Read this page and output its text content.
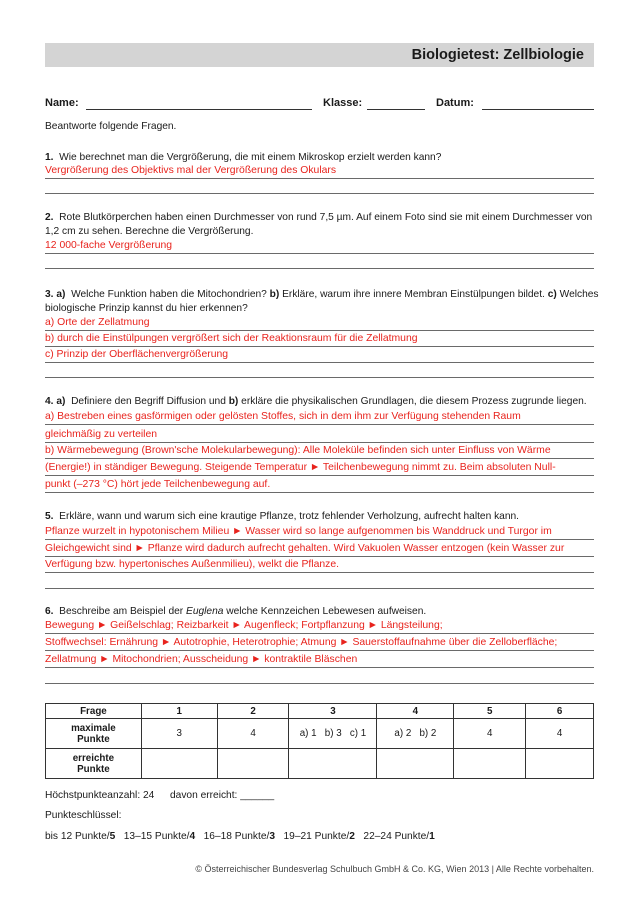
Biologietest: Zellbiologie
Name:	Klasse:	Datum:
Beantworte folgende Fragen.
1. Wie berechnet man die Vergrößerung, die mit einem Mikroskop erzielt werden kann?
Vergrößerung des Objektivs mal der Vergrößerung des Okulars
2. Rote Blutkörperchen haben einen Durchmesser von rund 7,5 µm. Auf einem Foto sind sie mit einem Durchmesser von
1,2 cm zu sehen. Berechne die Vergrößerung.
12 000-fache Vergrößerung
3. a) Welche Funktion haben die Mitochondrien? b) Erkläre, warum ihre innere Membran Einstülpungen bildet. c) Welches
biologische Prinzip kannst du hier erkennen?
a) Orte der Zellatmung
b) durch die Einstülpungen vergrößert sich der Reaktionsraum für die Zellatmung
c) Prinzip der Oberflächenvergrößerung
4. a) Definiere den Begriff Diffusion und b) erkläre die physikalischen Grundlagen, die diesem Prozess zugrunde liegen.
a) Bestreben eines gasförmigen oder gelösten Stoffes, sich in dem ihm zur Verfügung stehenden Raum
gleichmäßig zu verteilen
b) Wärmebewegung (Brown'sche Molekularbewegung): Alle Moleküle befinden sich unter Einfluss von Wärme
(Energie!) in ständiger Bewegung. Steigende Temperatur ► Teilchenbewegung nimmt zu. Beim absoluten Null-
punkt (–273 °C) hört jede Teilchenbewegung auf.
5. Erkläre, wann und warum sich eine krautige Pflanze, trotz fehlender Verholzung, aufrecht halten kann.
Pflanze wurzelt in hypotonischem Milieu ► Wasser wird so lange aufgenommen bis Wanddruck und Turgor im
Gleichgewicht sind ► Pflanze wird dadurch aufrecht gehalten. Wird Vakuolen Wasser entzogen (kein Wasser zur
Verfügung bzw. hypertonisches Außenmilieu), welkt die Pflanze.
6. Beschreibe am Beispiel der Euglena welche Kennzeichen Lebewesen aufweisen.
Bewegung ► Geißelschlag; Reizbarkeit ► Augenfleck; Fortpflanzung ► Längsteilung;
Stoffwechsel: Ernährung ► Autotrophie, Heterotrophie; Atmung ► Sauerstoffaufnahme über die Zelloberfläche;
Zellatmung ► Mitochondrien; Ausscheidung ► kontraktile Bläschen
Frage	1	2	3	4	5	6
maximale
Punkte	3	4	a) 1   b) 3   c) 1	a) 2   b) 2	4	4
erreichte
Punkte						
Höchstpunkteanzahl: 24 davon erreicht: ______
Punkteschlüssel:
bis 12 Punkte/5 13–15 Punkte/4 16–18 Punkte/3 19–21 Punkte/2 22–24 Punkte/1
© Österreichischer Bundesverlag Schulbuch GmbH & Co. KG, Wien 2013 | Alle Rechte vorbehalten.
